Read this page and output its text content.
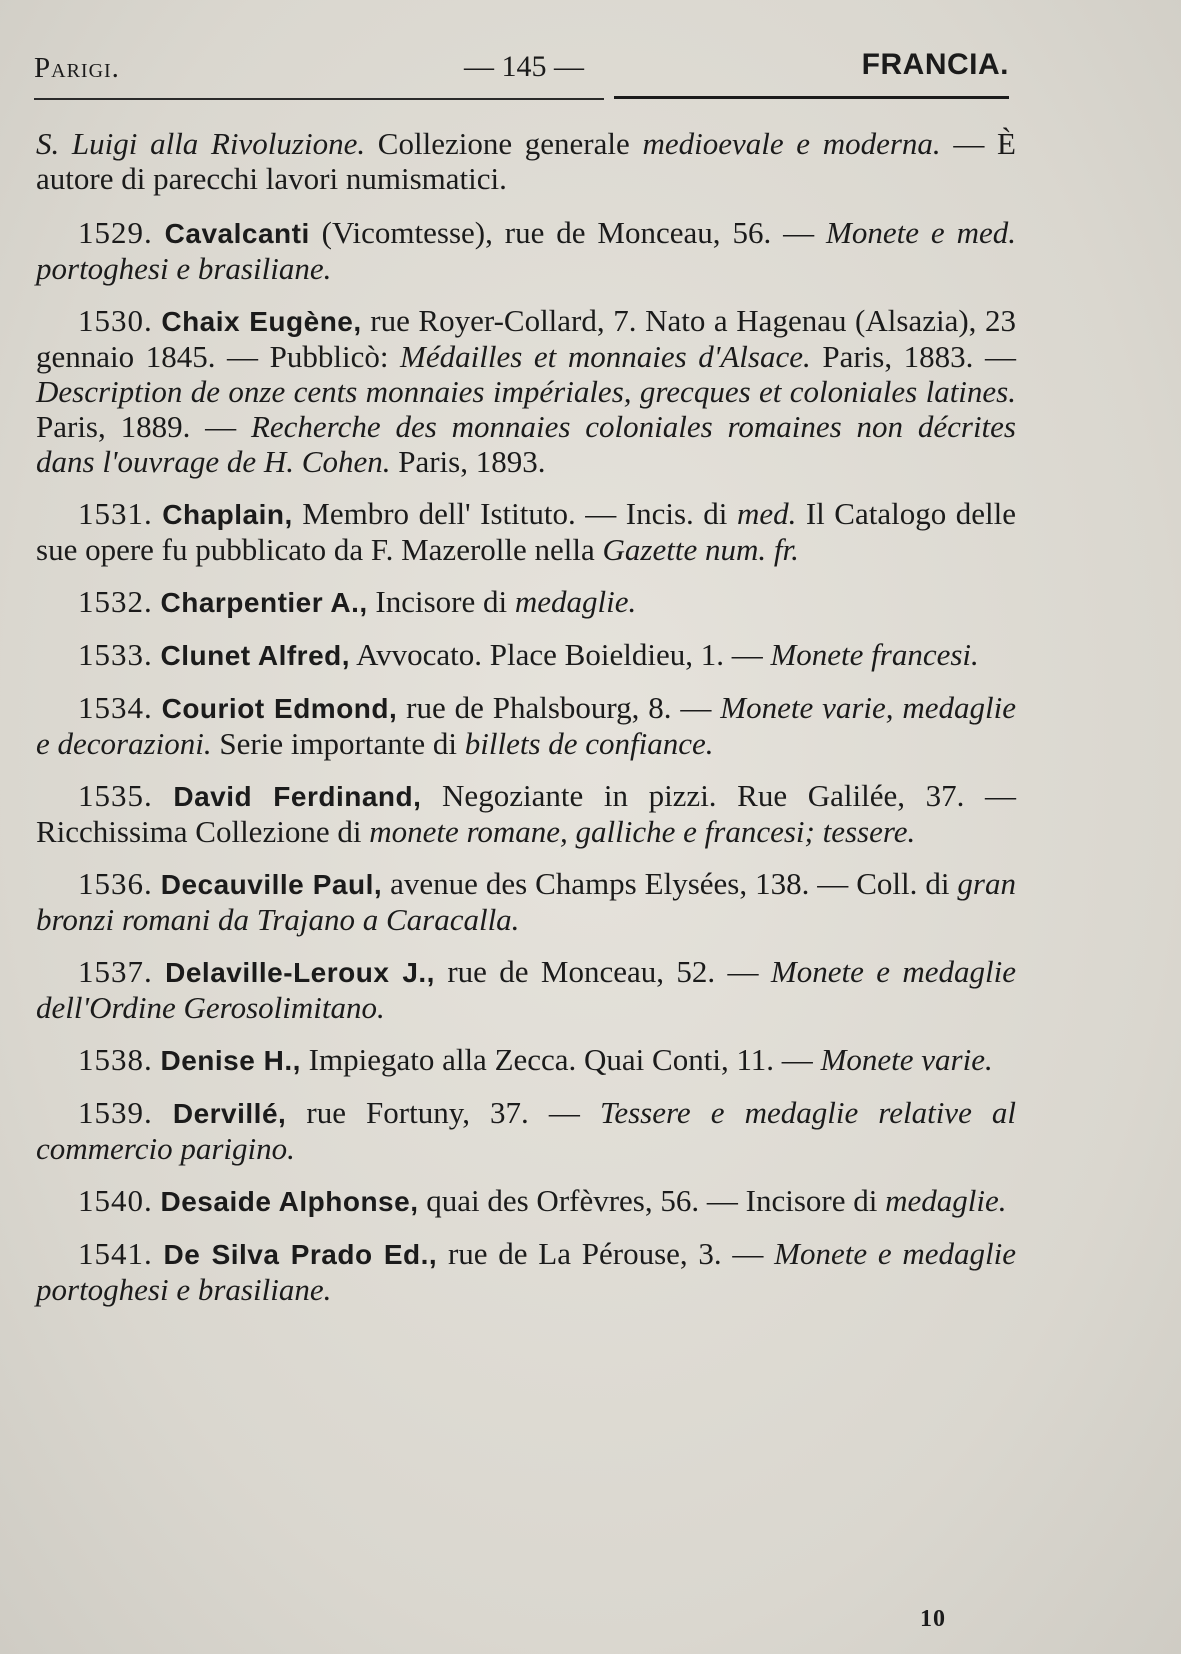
Parigi.	— 145 —	FRANCIA.

S. Luigi alla Rivoluzione. Collezione generale medioevale e moderna. — È autore di parecchi lavori numismatici.

1529. Cavalcanti (Vicomtesse), rue de Monceau, 56. — Monete e med. portoghesi e brasiliane.

1530. Chaix Eugène, rue Royer-Collard, 7. Nato a Hagenau (Alsazia), 23 gennaio 1845. — Pubblicò: Médailles et monnaies d'Alsace. Paris, 1883. — Description de onze cents monnaies impériales, grecques et coloniales latines. Paris, 1889. — Recherche des monnaies coloniales romaines non décrites dans l'ouvrage de H. Cohen. Paris, 1893.

1531. Chaplain, Membro dell' Istituto. — Incis. di med. Il Catalogo delle sue opere fu pubblicato da F. Mazerolle nella Gazette num. fr.

1532. Charpentier A., Incisore di medaglie.

1533. Clunet Alfred, Avvocato. Place Boieldieu, 1. — Monete francesi.

1534. Couriot Edmond, rue de Phalsbourg, 8. — Monete varie, medaglie e decorazioni. Serie importante di billets de confiance.

1535. David Ferdinand, Negoziante in pizzi. Rue Galilée, 37. — Ricchissima Collezione di monete romane, galliche e francesi; tessere.

1536. Decauville Paul, avenue des Champs Elysées, 138. — Coll. di gran bronzi romani da Trajano a Caracalla.

1537. Delaville-Leroux J., rue de Monceau, 52. — Monete e medaglie dell'Ordine Gerosolimitano.

1538. Denise H., Impiegato alla Zecca. Quai Conti, 11. — Monete varie.

1539. Dervillé, rue Fortuny, 37. — Tessere e medaglie relative al commercio parigino.

1540. Desaide Alphonse, quai des Orfèvres, 56. — Incisore di medaglie.

1541. De Silva Prado Ed., rue de La Pérouse, 3. — Monete e medaglie portoghesi e brasiliane.

10
